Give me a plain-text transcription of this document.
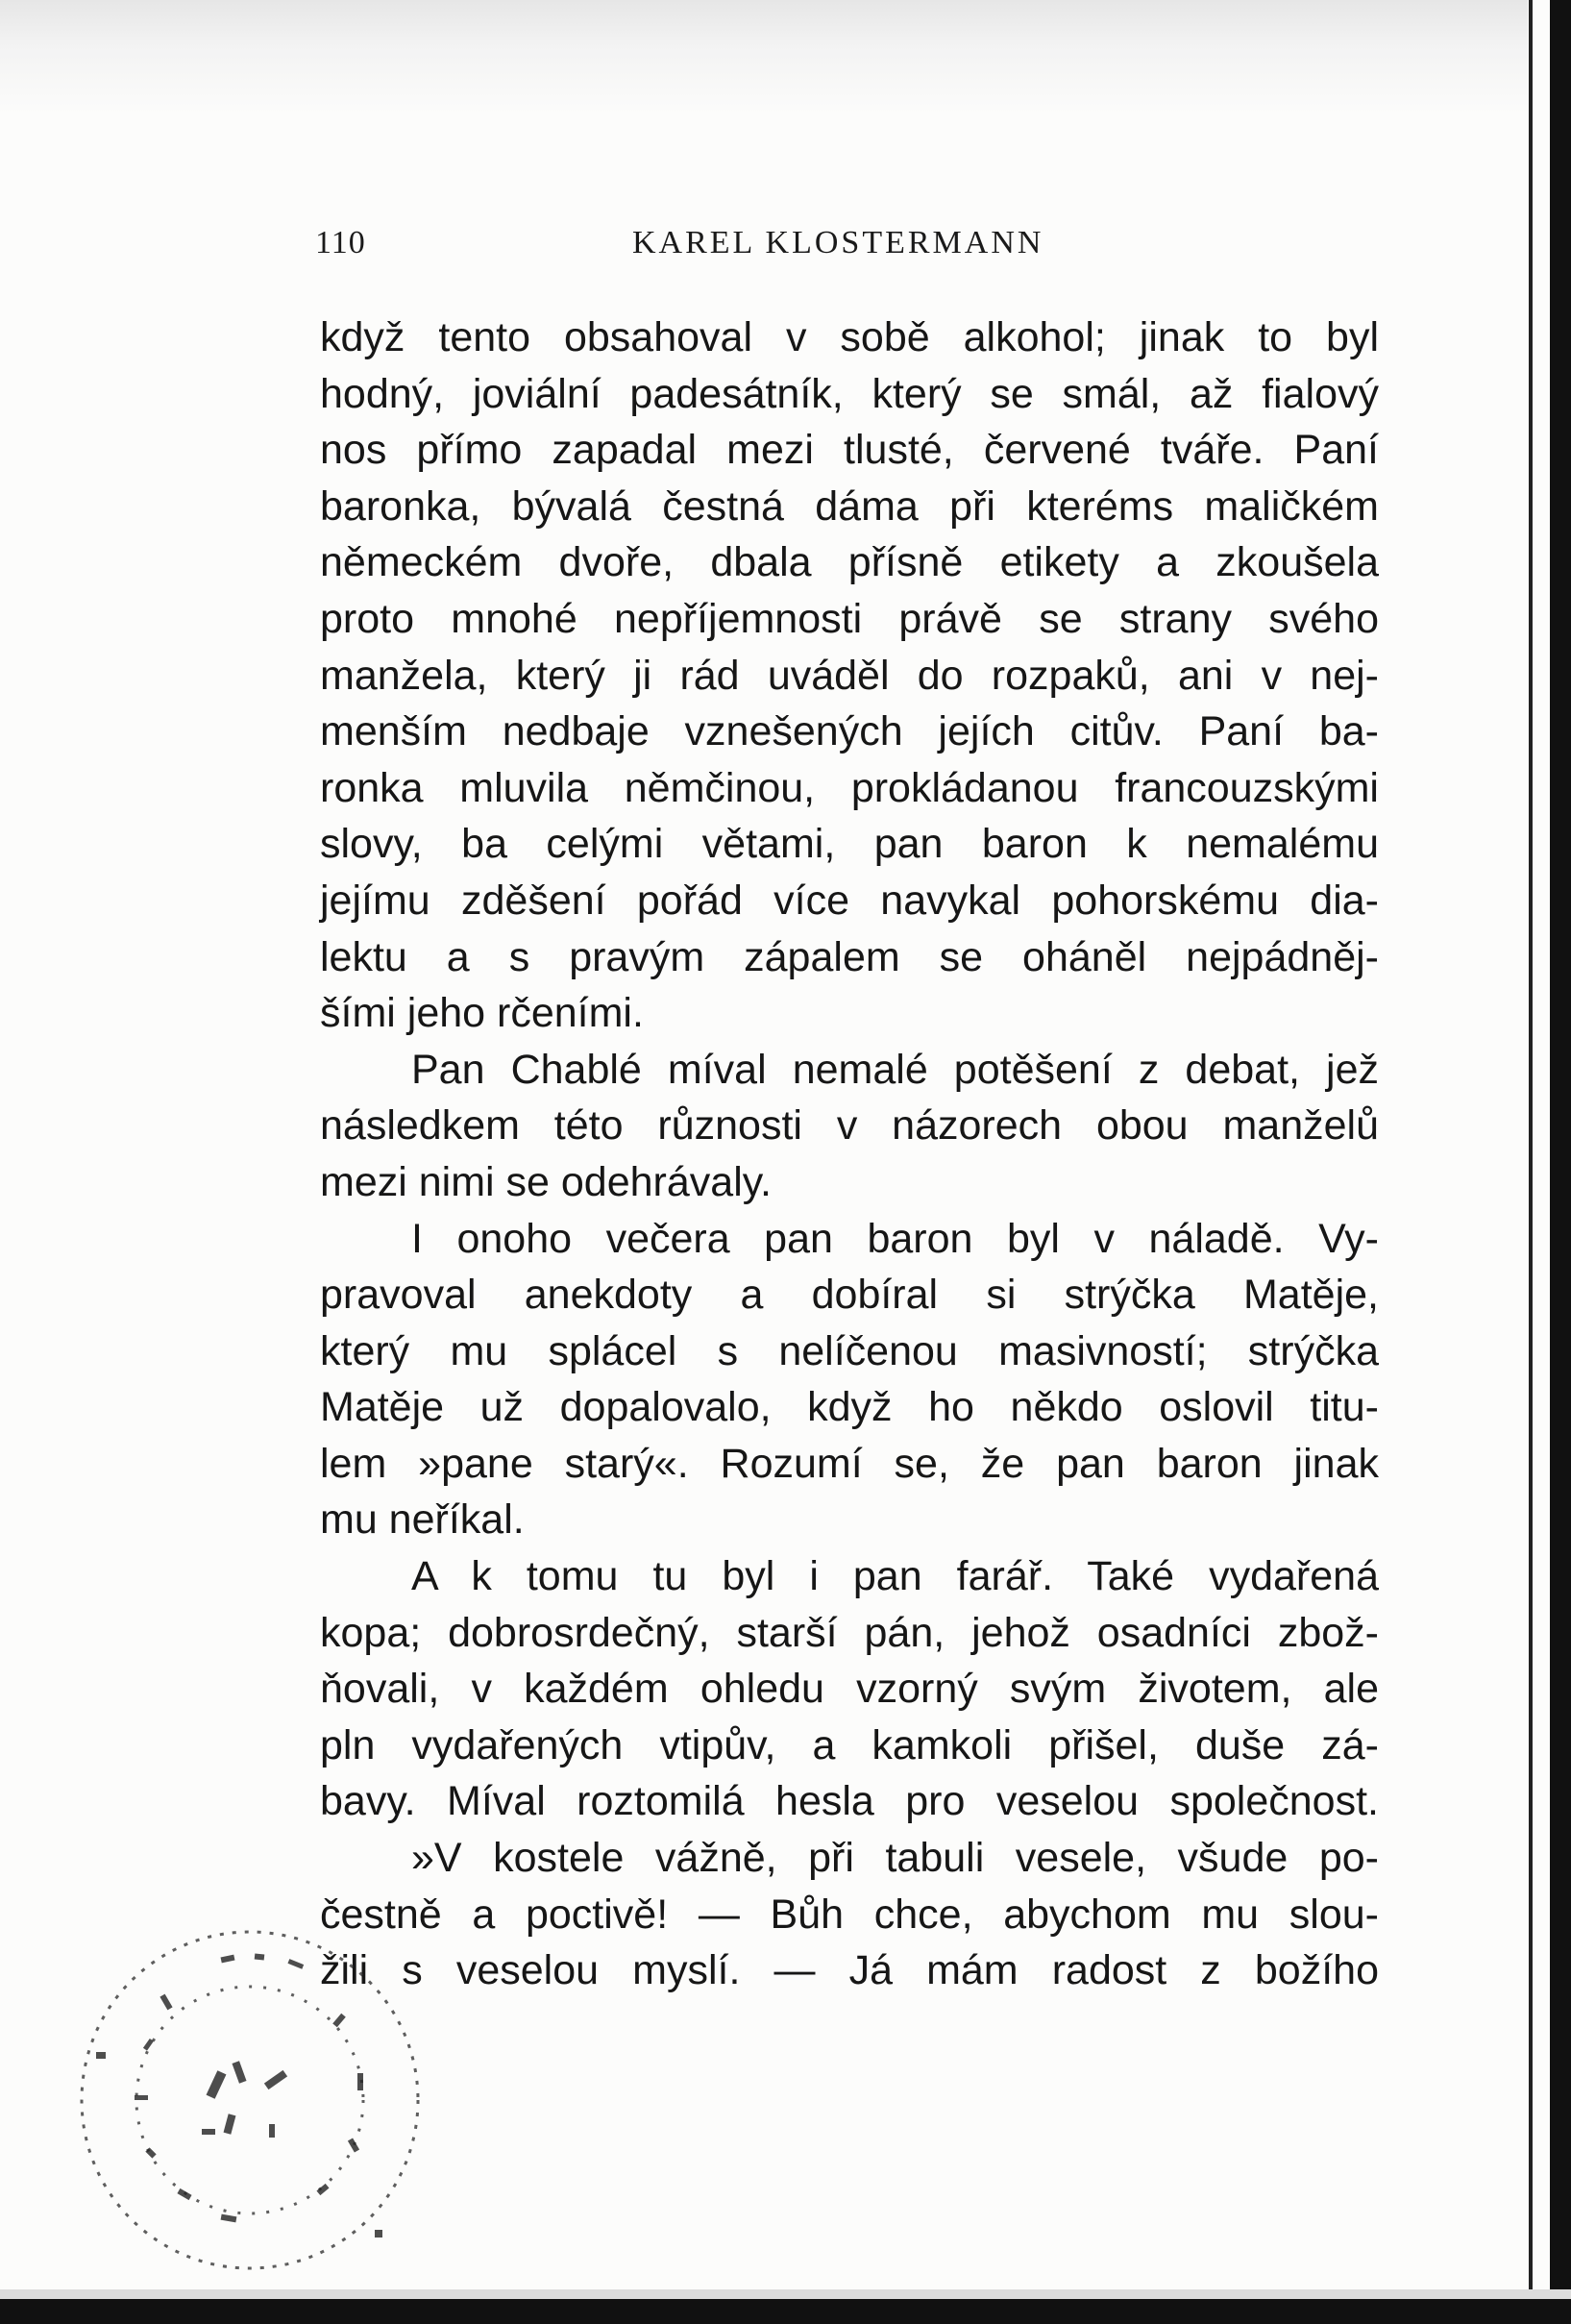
110	KAREL KLOSTERMANN
když tento obsahoval v sobě alkohol; jinak to byl
hodný, joviální padesátník, který se smál, až fialový
nos přímo zapadal mezi tlusté, červené tváře. Paní
baronka, bývalá čestná dáma při kteréms maličkém
německém dvoře, dbala přísně etikety a zkoušela
proto mnohé nepříjemnosti právě se strany svého
manžela, který ji rád uváděl do rozpaků, ani v nej-
menším nedbaje vznešených jejích citův. Paní ba-
ronka mluvila němčinou, prokládanou francouzskými
slovy, ba celými větami, pan baron k nemalému
jejímu zděšení pořád více navykal pohorskému dia-
lektu a s pravým zápalem se oháněl nejpádněj-
šími jeho rčeními.
Pan Chablé míval nemalé potěšení z debat, jež
následkem této různosti v názorech obou manželů
mezi nimi se odehrávaly.
I onoho večera pan baron byl v náladě. Vy-
pravoval anekdoty a dobíral si strýčka Matěje,
který mu splácel s nelíčenou masivností; strýčka
Matěje už dopalovalo, když ho někdo oslovil titu-
lem »pane starý«. Rozumí se, že pan baron jinak
mu neříkal.
A k tomu tu byl i pan farář. Také vydařená
kopa; dobrosrdečný, starší pán, jehož osadníci zbož-
ňovali, v každém ohledu vzorný svým životem, ale
pln vydařených vtipův, a kamkoli přišel, duše zá-
bavy. Míval roztomilá hesla pro veselou společnost.
»V kostele vážně, při tabuli vesele, všude po-
čestně a poctivě! — Bůh chce, abychom mu slou-
žili s veselou myslí. — Já mám radost z božího
